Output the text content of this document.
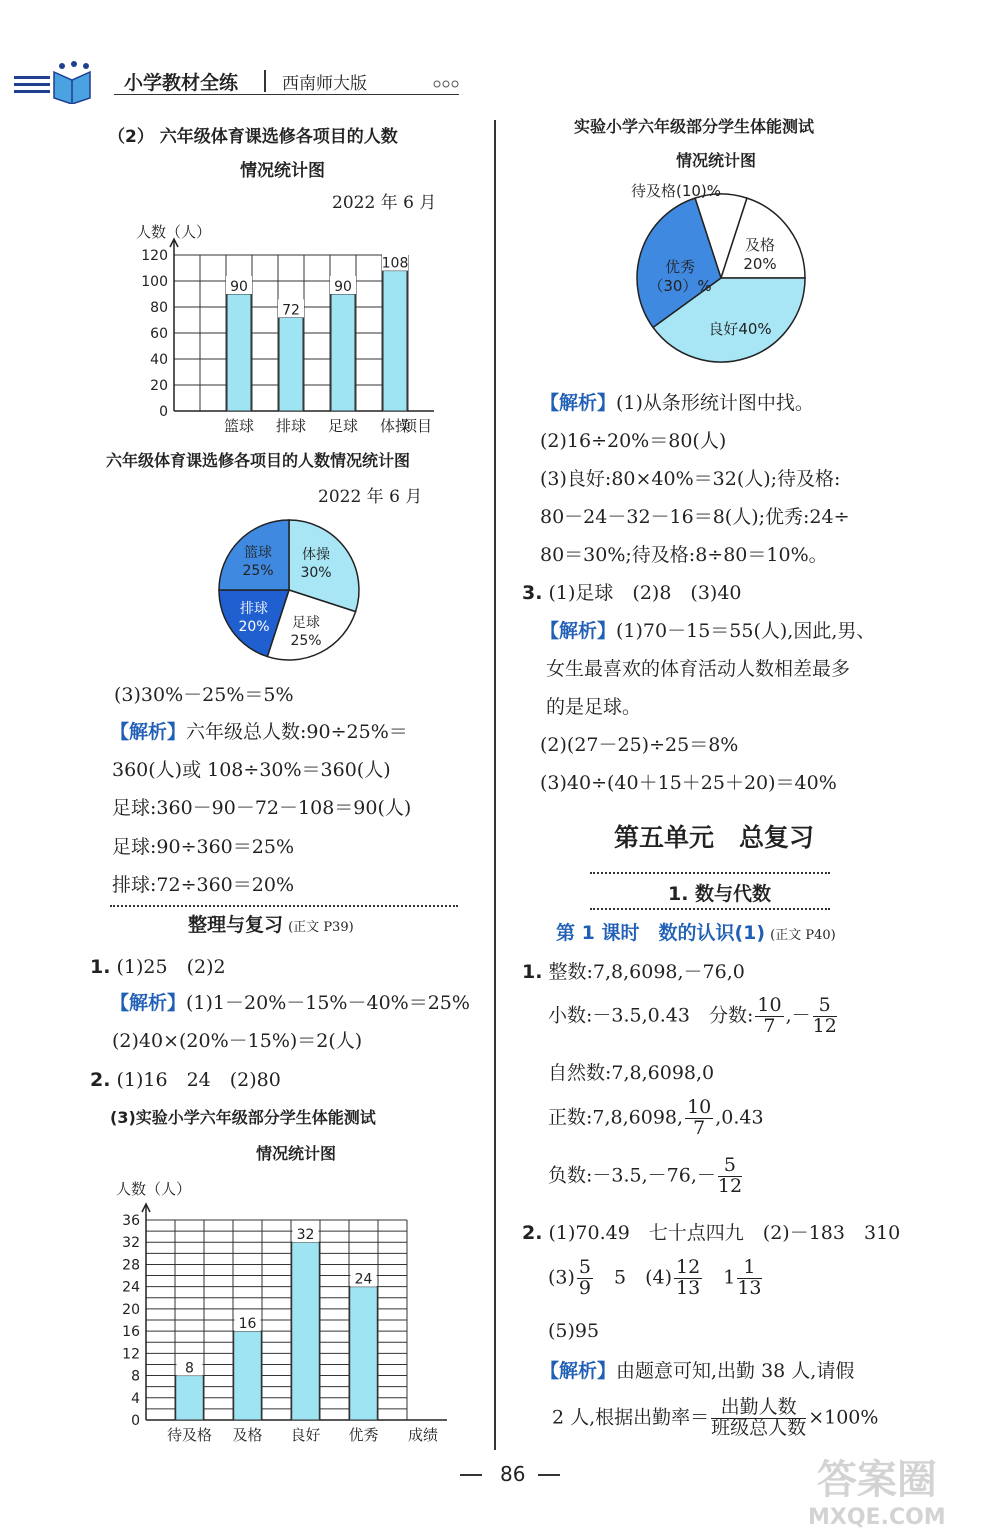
小学教材全练	西南师大版
（2） 六年级体育课选修各项目的人数
情况统计图
2022 年 6 月
0
20
40
60
80
100
120
90
篮球
72
排球
90
足球
108
体操
人数（人）
项目
六年级体育课选修各项目的人数情况统计图
2022 年 6 月
体操
30%
足球
25%
排球
20%
篮球
25%
(3)30%－25%＝5%
【解析】六年级总人数:90÷25%＝
360(人)或 108÷30%＝360(人)
足球:360－90－72－108＝90(人)
足球:90÷360＝25%
排球:72÷360＝20%
整理与复习 (正文 P39)
1. (1)25　(2)2
【解析】(1)1－20%－15%－40%＝25%
(2)40×(20%－15%)＝2(人)
2. (1)16　24　(2)80
(3)实验小学六年级部分学生体能测试
情况统计图
0
4
8
12
16
20
24
28
32
36
8
待及格
16
及格
32
良好
24
优秀
人数（人）
成绩
实验小学六年级部分学生体能测试
情况统计图
待及格(10)%
及格
20%
良好40%
优秀
（30）%
【解析】(1)从条形统计图中找。
(2)16÷20%＝80(人)
(3)良好:80×40%＝32(人);待及格:
80－24－32－16＝8(人);优秀:24÷
80＝30%;待及格:8÷80＝10%。
3. (1)足球　(2)8　(3)40
【解析】(1)70－15＝55(人),因此,男、
女生最喜欢的体育活动人数相差最多
的是足球。
(2)(27－25)÷25＝8%
(3)40÷(40＋15＋25＋20)＝40%
第五单元　总复习
1. 数与代数
第 1 课时　数的认识(1) (正文 P40)
1. 整数:7,8,6098,－76,0
小数:－3.5,0.43　分数: $\frac{10}{7}$ ,－ $\frac{5}{12}$
自然数:7,8,6098,0
正数:7,8,6098, $\frac{10}{7} ,0.43$
负数:－3.5,－76,－ $\frac{5}{12}$
2. (1)70.49　七十点四九　(2)－183　310
$(3) \frac{5}{9}$
　 5　$(4) \frac{12}{13}$
　 $1 \frac{1}{13}$
(5)95
【解析】由题意可知,出勤 38 人,请假
2 人,根据出勤率＝ $\frac{\text{出勤人数}}{\text{班级总人数}} \times 100\%$
86	答案圈
MXQE.COM
